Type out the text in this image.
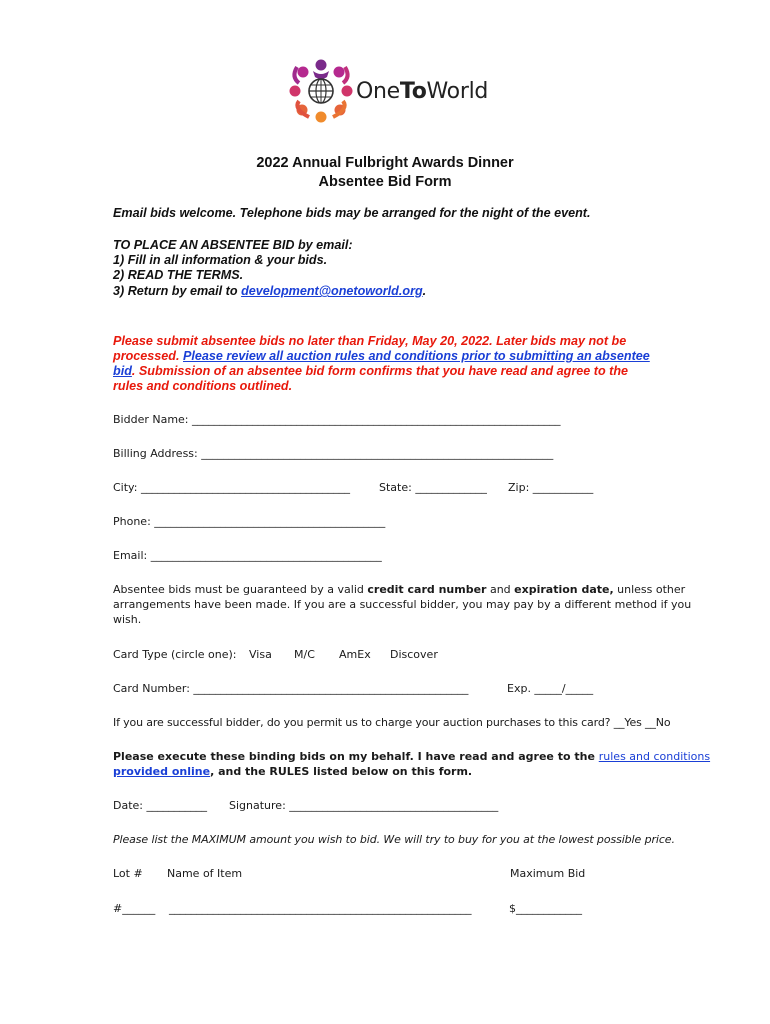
OneToWorld
2022 Annual Fulbright Awards Dinner
Absentee Bid Form
Email bids welcome. Telephone bids may be arranged for the night of the event.
TO PLACE AN ABSENTEE BID by email:
1) Fill in all information & your bids.
2) READ THE TERMS.
3) Return by email to development@onetoworld.org.
Please submit absentee bids no later than Friday, May 20, 2022. Later bids may not be
processed. Please review all auction rules and conditions prior to submitting an absentee
bid. Submission of an absentee bid form confirms that you have read and agree to the
rules and conditions outlined.
Bidder Name: ___________________________________________________________________
Billing Address: ________________________________________________________________
City: ______________________________________	State: _____________ Zip: ___________
Phone: __________________________________________
Email: __________________________________________
Absentee bids must be guaranteed by a valid credit card number and expiration date, unless other
arrangements have been made. If you are a successful bidder, you may pay by a different method if you
wish.
Card Type (circle one): Visa M/C AmEx Discover
Card Number: __________________________________________________	Exp. _____/_____
If you are successful bidder, do you permit us to charge your auction purchases to this card? __Yes __No
Please execute these binding bids on my behalf. I have read and agree to the rules and conditions
provided online, and the RULES listed below on this form.
Date: ___________ Signature: ______________________________________
Please list the MAXIMUM amount you wish to bid. We will try to buy for you at the lowest possible price.
Lot # Name of Item	Maximum Bid
#______ _______________________________________________________	$____________
